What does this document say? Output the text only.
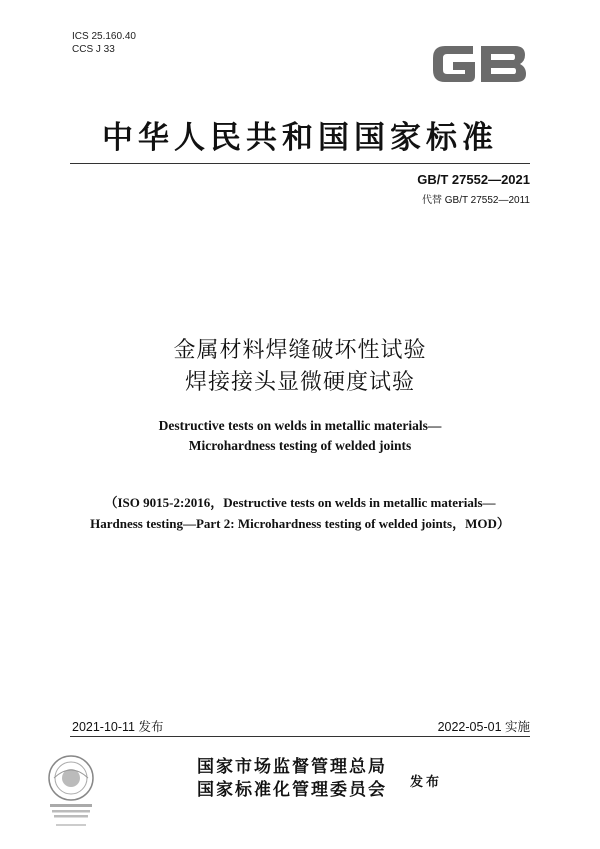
ICS 25.160.40
CCS J 33
中华人民共和国国家标准
GB/T 27552—2021
代替 GB/T 27552—2011
金属材料焊缝破坏性试验
焊接接头显微硬度试验
Destructive tests on welds in metallic materials—
Microhardness testing of welded joints
（ISO 9015-2:2016，Destructive tests on welds in metallic materials—
Hardness testing—Part 2: Microhardness testing of welded joints，MOD）
2021-10-11 发布	2022-05-01 实施
国家市场监督管理总局
国家标准化管理委员会 发布
